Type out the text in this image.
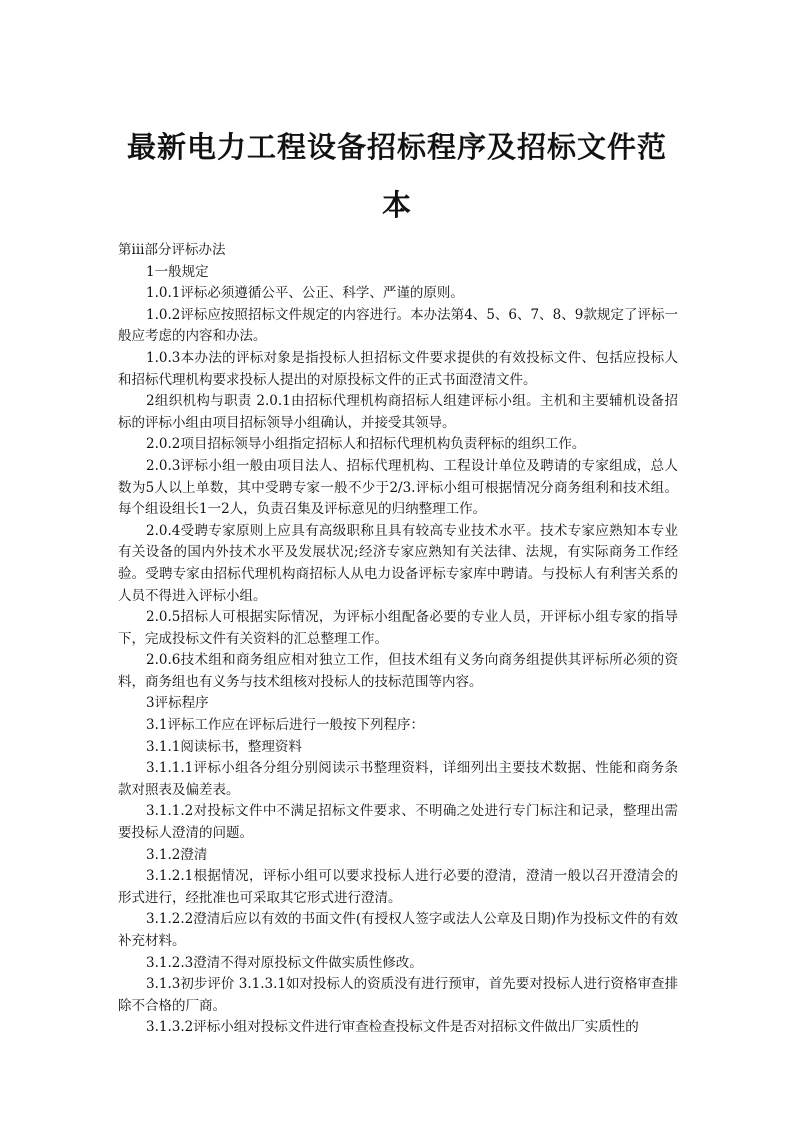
最新电力工程设备招标程序及招标文件范
本

第iii部分评标办法

1一般规定

1.0.1评标必须遵循公平、公正、科学、严谨的原则。

1.0.2评标应按照招标文件规定的内容进行。本办法第4、5、6、7、8、9款规定了评标一般应考虑的内容和办法。

1.0.3本办法的评标对象是指投标人担招标文件要求提供的有效投标文件、包括应投标人和招标代理机构要求投标人提出的对原投标文件的正式书面澄清文件。

2组织机构与职责 2.0.1由招标代理机构商招标人组建评标小组。主机和主要辅机设备招标的评标小组由项目招标领导小组确认，并接受其领导。

2.0.2项目招标领导小组指定招标人和招标代理机构负责秤标的组织工作。

2.0.3评标小组一般由项目法人、招标代理机构、工程设计单位及聘请的专家组成，总人数为5人以上单数，其中受聘专家一般不少于2/3.评标小组可根据情况分商务组利和技术组。每个组设组长1一2人，负责召集及评标意见的归纳整理工作。

2.0.4受聘专家原则上应具有高级职称且具有较高专业技术水平。技术专家应熟知本专业有关设备的国内外技术水平及发展状况;经济专家应熟知有关法律、法规，有实际商务工作经验。受聘专家由招标代理机构商招标人从电力设备评标专家库中聘请。与投标人有利害关系的人员不得进入评标小组。

2.0.5招标人可根据实际情况，为评标小组配备必要的专业人员，开评标小组专家的指导下，完成投标文件有关资料的汇总整理工作。

2.0.6技术组和商务组应相对独立工作，但技术组有义务向商务组提供其评标所必须的资料，商务组也有义务与技术组核对投标人的技标范围等内容。

3评标程序

3.1评标工作应在评标后进行一般按下列程序：

3.1.1阅读标书，整理资料

3.1.1.1评标小组各分组分别阅读示书整理资料，详细列出主要技术数据、性能和商务条款对照表及偏差表。

3.1.1.2对投标文件中不满足招标文件要求、不明确之处进行专门标注和记录，整理出需要投标人澄清的问题。

3.1.2澄清

3.1.2.1根据情况，评标小组可以要求投标人进行必要的澄清，澄清一般以召开澄清会的形式进行，经批准也可采取其它形式进行澄清。

3.1.2.2澄清后应以有效的书面文件(有授权人签字或法人公章及日期)作为投标文件的有效补充材料。

3.1.2.3澄清不得对原投标文件做实质性修改。

3.1.3初步评价 3.1.3.1如对投标人的资质没有进行预审，首先要对投标人进行资格审查排除不合格的厂商。

3.1.3.2评标小组对投标文件进行审查检查投标文件是否对招标文件做出厂实质性的
